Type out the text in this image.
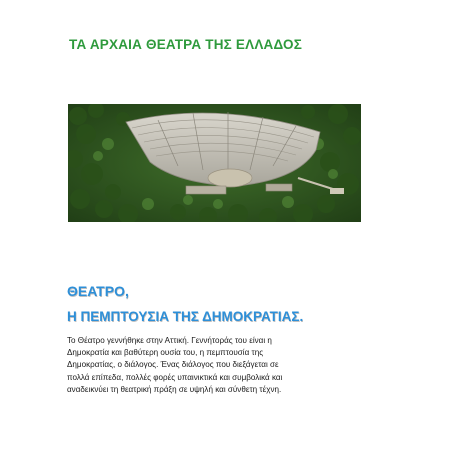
ΤΑ ΑΡΧΑΙΑ ΘΕΑΤΡΑ ΤΗΣ ΕΛΛΑΔΟΣ
ΘΕΑΤΡΟ,
Η ΠΕΜΠΤΟΥΣΙΑ ΤΗΣ ΔΗΜΟΚΡΑΤΙΑΣ.
Το Θέατρο γεννήθηκε στην Αττική. Γεννήτοράς του είναι η
Δημοκρατία και βαθύτερη ουσία του, η πεμπτουσία της
Δημοκρατίας, ο διάλογος. Ένας διάλογος που διεξάγεται σε
πολλά επίπεδα, πολλές φορές υπαινικτικά και συμβολικά και
αναδεικνύει τη θεατρική πράξη σε υψηλή και σύνθετη τέχνη.
